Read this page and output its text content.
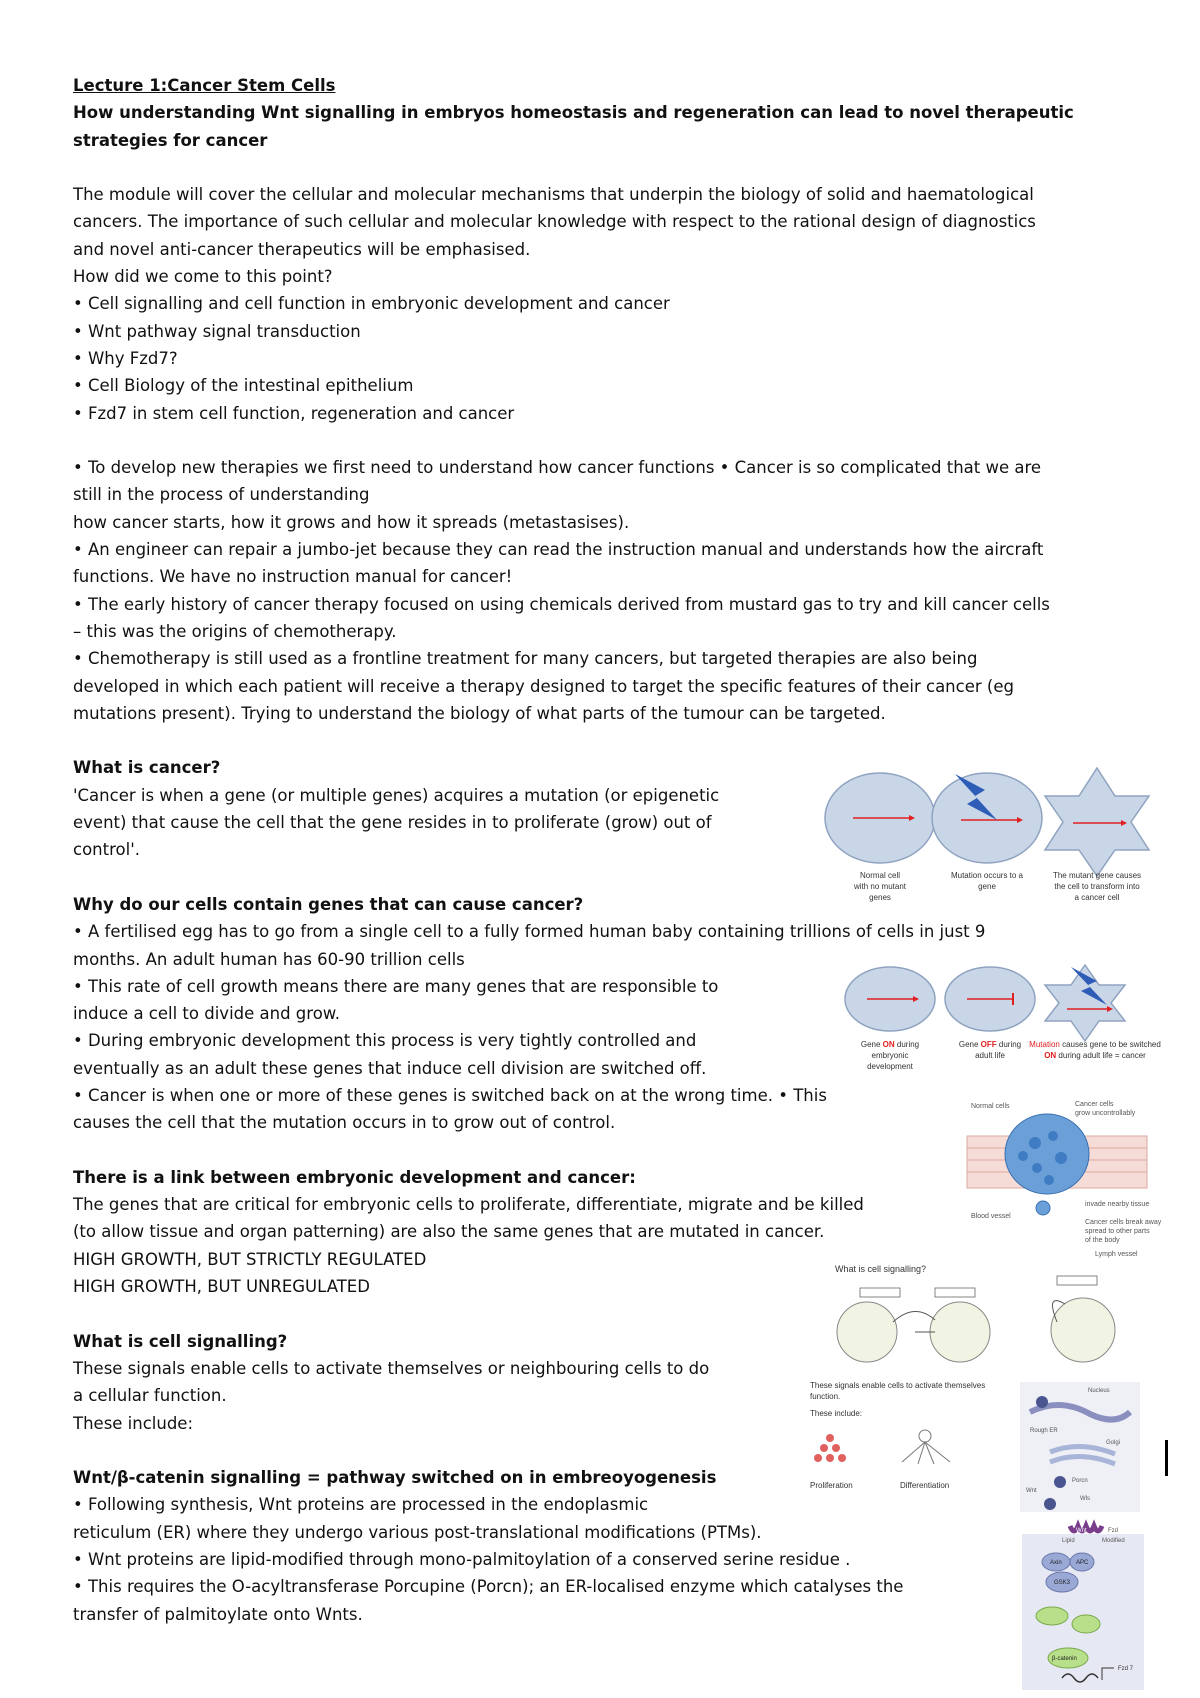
Lecture 1:Cancer Stem Cells
How understanding Wnt signalling in embryos homeostasis and regeneration can lead to novel therapeutic
strategies for cancer
The module will cover the cellular and molecular mechanisms that underpin the biology of solid and haematological
cancers. The importance of such cellular and molecular knowledge with respect to the rational design of diagnostics
and novel anti-cancer therapeutics will be emphasised.
How did we come to this point?
• Cell signalling and cell function in embryonic development and cancer
• Wnt pathway signal transduction
• Why Fzd7?
• Cell Biology of the intestinal epithelium
• Fzd7 in stem cell function, regeneration and cancer
• To develop new therapies we first need to understand how cancer functions • Cancer is so complicated that we are
still in the process of understanding
how cancer starts, how it grows and how it spreads (metastasises).
• An engineer can repair a jumbo-jet because they can read the instruction manual and understands how the aircraft
functions. We have no instruction manual for cancer!
• The early history of cancer therapy focused on using chemicals derived from mustard gas to try and kill cancer cells
– this was the origins of chemotherapy.
• Chemotherapy is still used as a frontline treatment for many cancers, but targeted therapies are also being
developed in which each patient will receive a therapy designed to target the specific features of their cancer (eg
mutations present). Trying to understand the biology of what parts of the tumour can be targeted.
What is cancer?
'Cancer is when a gene (or multiple genes) acquires a mutation (or epigenetic
event) that cause the cell that the gene resides in to proliferate (grow) out of
control'.
Why do our cells contain genes that can cause cancer?
• A fertilised egg has to go from a single cell to a fully formed human baby containing trillions of cells in just 9
months. An adult human has 60-90 trillion cells
• This rate of cell growth means there are many genes that are responsible to
induce a cell to divide and grow.
• During embryonic development this process is very tightly controlled and
eventually as an adult these genes that induce cell division are switched off.
• Cancer is when one or more of these genes is switched back on at the wrong time. • This
causes the cell that the mutation occurs in to grow out of control.
There is a link between embryonic development and cancer:
The genes that are critical for embryonic cells to proliferate, differentiate, migrate and be killed
(to allow tissue and organ patterning) are also the same genes that are mutated in cancer.
HIGH GROWTH, BUT STRICTLY REGULATED
HIGH GROWTH, BUT UNREGULATED
What is cell signalling?
These signals enable cells to activate themselves or neighbouring cells to do
a cellular function.
These include:
Wnt/β-catenin signalling = pathway switched on in embreoyogenesis
• Following synthesis, Wnt proteins are processed in the endoplasmic
reticulum (ER) where they undergo various post-translational modifications (PTMs).
• Wnt proteins are lipid-modified through mono-palmitoylation of a conserved serine residue .
• This requires the O-acyltransferase Porcupine (Porcn); an ER-localised enzyme which catalyses the
transfer of palmitoylate onto Wnts.
Normal cell
with no mutant
genes
Mutation occurs to a
gene
The mutant gene causes
the cell to transform into
a cancer cell
Gene ON during
embryonic
development
Gene OFF during
adult life
Mutation causes gene to be switched
ON during adult life = cancer
Normal cells	Cancer cells
grow uncontrollably
invade nearby tissue
Cancer cells break away
spread to other parts
of the body
Blood vessel
Lymph vessel
What is cell signalling?
These signals enable cells to activate themselves
function.
These include:
Proliferation	Differentiation
Nucleus
Rough ER
Golgi
Wnt
Porcn
Wls
Lipid	Modified
Wnt	Fzd
Axin APC
GSK3
β-catenin
Fzd 7
